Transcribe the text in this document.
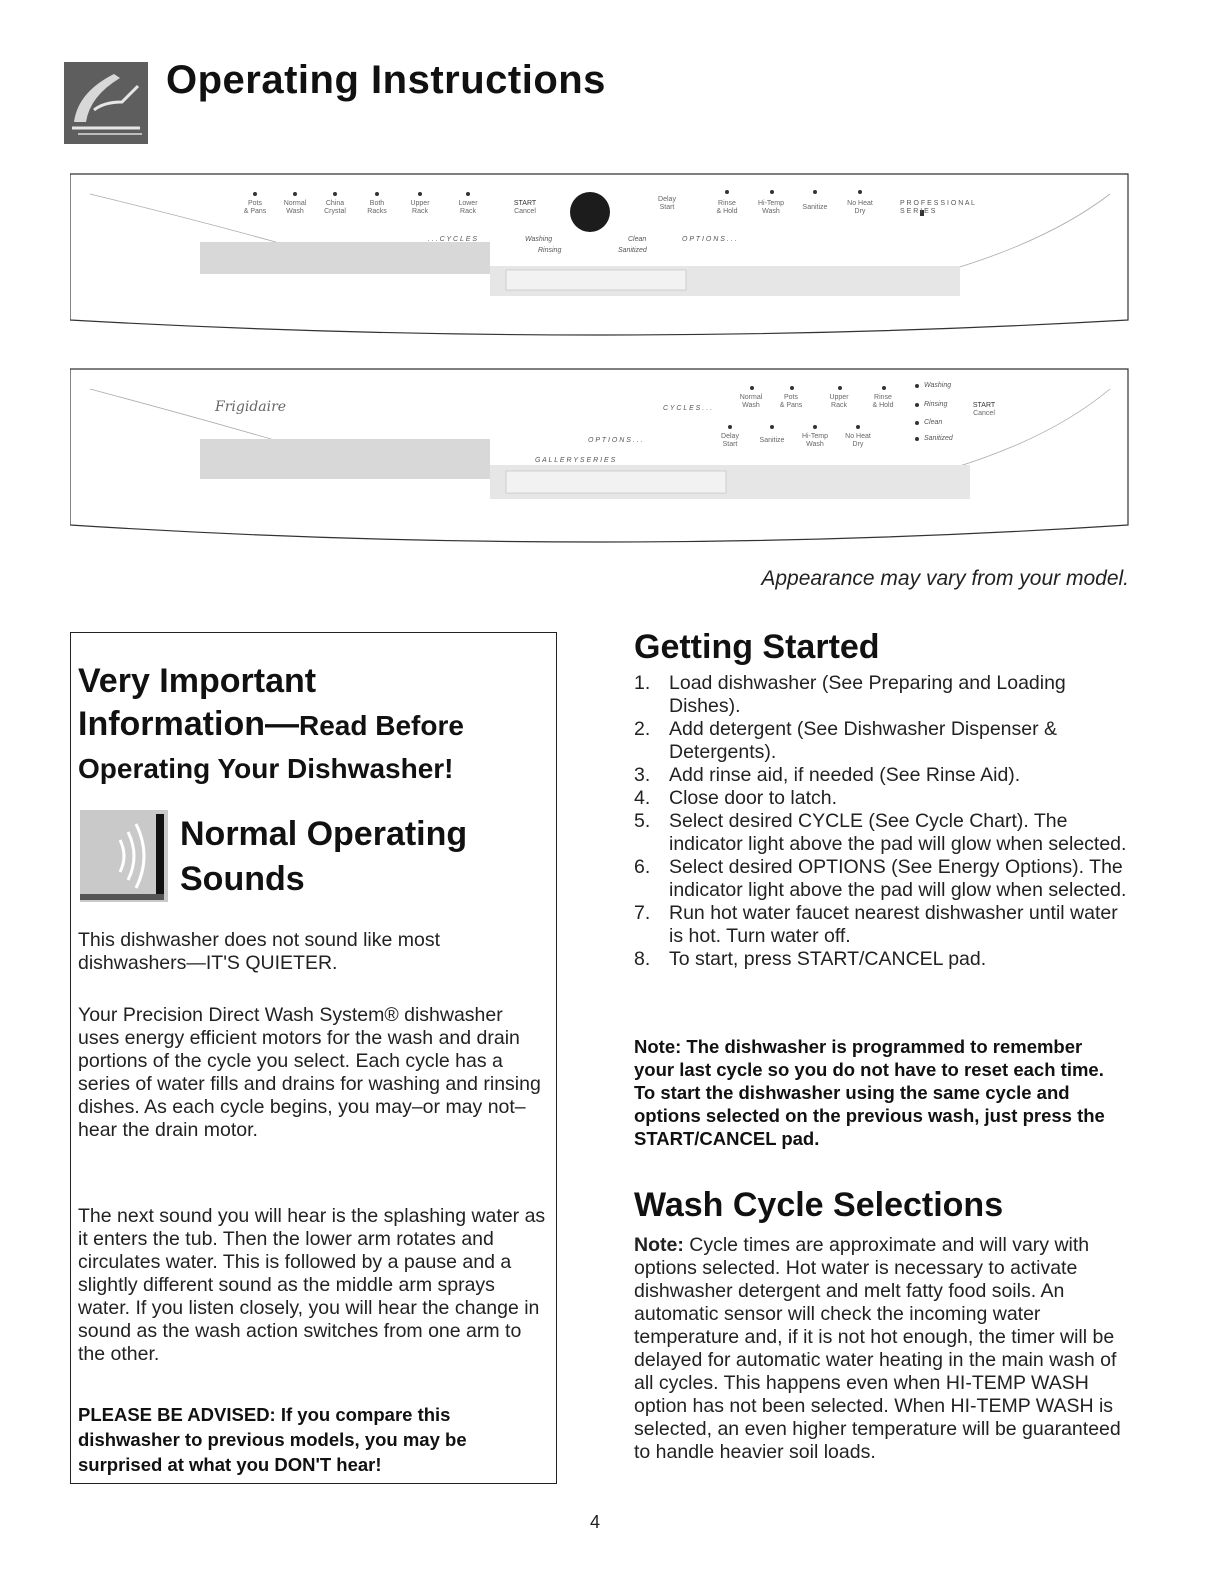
Operating Instructions
Pots
& Pans
Normal
Wash
China
Crystal
Both
Racks
Upper
Rack
Lower
Rack
. . . C Y C L E S
START
Cancel
Washing	Clean
Rinsing	Sanitized
Delay
Start
Rinse
& Hold
Hi-Temp
Wash
Sanitize
No Heat
Dry
O P T I O N S . . .
P R O F E S S I O N A L
S E R I E S
Frigidaire	C Y C L E S . . .
Normal
Wash
Pots
& Pans
Upper
Rack
Rinse
& Hold
O P T I O N S . . .
Delay
Start
Sanitize
Hi-Temp
Wash
No Heat
Dry
Washing
Rinsing
Clean
Sanitized
START
Cancel
G A L L E R Y S E R I E S
Appearance may vary from your model.
Very Important
Information—Read Before
Operating Your Dishwasher!
Normal Operating
Sounds
This dishwasher does not sound like most dishwashers—IT'S QUIETER.
Your Precision Direct Wash System® dishwasher uses energy efficient motors for the wash and drain portions of the cycle you select. Each cycle has a series of water fills and drains for washing and rinsing dishes. As each cycle begins, you may–or may not–hear the drain motor.
The next sound you will hear is the splashing water as it enters the tub. Then the lower arm rotates and circulates water. This is followed by a pause and a slightly different sound as the middle arm sprays water. If you listen closely, you will hear the change in sound as the wash action switches from one arm to the other.
PLEASE BE ADVISED: If you compare this dishwasher to previous models, you may be surprised at what you DON'T hear!
Getting Started
1. Load dishwasher (See Preparing and Loading Dishes).
2. Add detergent (See Dishwasher Dispenser & Detergents).
3. Add rinse aid, if needed (See Rinse Aid).
4. Close door to latch.
5. Select desired CYCLE (See Cycle Chart). The indicator light above the pad will glow when selected.
6. Select desired OPTIONS (See Energy Options). The indicator light above the pad will glow when selected.
7. Run hot water faucet nearest dishwasher until water is hot. Turn water off.
8. To start, press START/CANCEL pad.
Note: The dishwasher is programmed to remember your last cycle so you do not have to reset each time. To start the dishwasher using the same cycle and options selected on the previous wash, just press the START/CANCEL pad.
Wash Cycle Selections
Note: Cycle times are approximate and will vary with options selected. Hot water is necessary to activate dishwasher detergent and melt fatty food soils. An automatic sensor will check the incoming water temperature and, if it is not hot enough, the timer will be delayed for automatic water heating in the main wash of all cycles. This happens even when HI-TEMP WASH option has not been selected. When HI-TEMP WASH is selected, an even higher temperature will be guaranteed to handle heavier soil loads.
4
